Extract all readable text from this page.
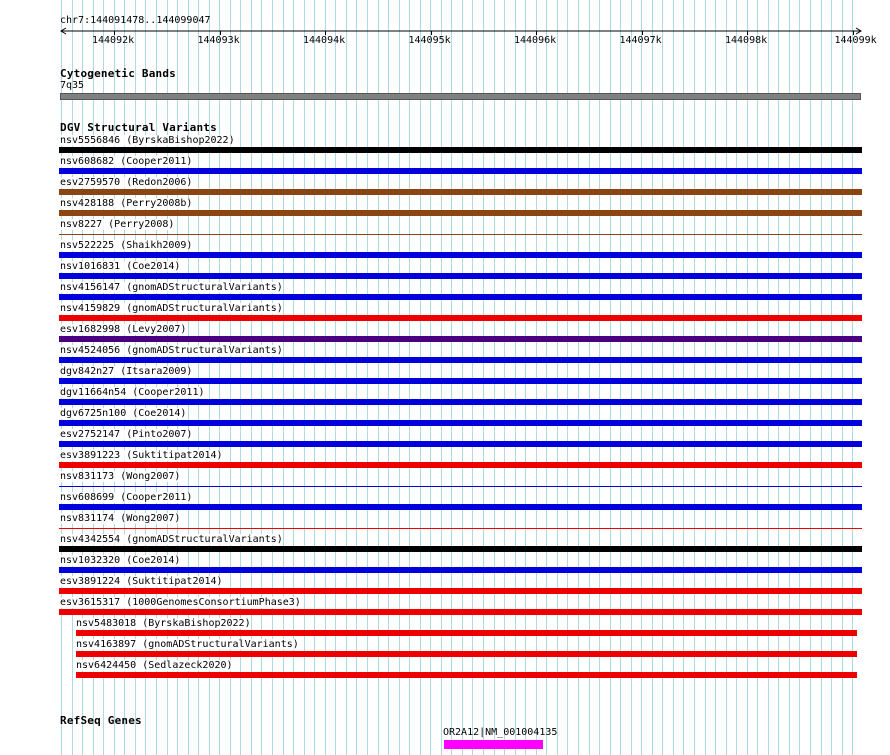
chr7:144091478..144099047
144092k	144093k	144094k	144095k	144096k	144097k	144098k	144099k
Cytogenetic Bands
7q35
DGV Structural Variants
nsv5556846 (ByrskaBishop2022)
nsv608682 (Cooper2011)
esv2759570 (Redon2006)
nsv428188 (Perry2008b)
nsv8227 (Perry2008)
nsv522225 (Shaikh2009)
nsv1016831 (Coe2014)
nsv4156147 (gnomADStructuralVariants)
nsv4159829 (gnomADStructuralVariants)
esv1682998 (Levy2007)
nsv4524056 (gnomADStructuralVariants)
dgv842n27 (Itsara2009)
dgv11664n54 (Cooper2011)
dgv6725n100 (Coe2014)
esv2752147 (Pinto2007)
esv3891223 (Suktitipat2014)
nsv831173 (Wong2007)
nsv608699 (Cooper2011)
nsv831174 (Wong2007)
nsv4342554 (gnomADStructuralVariants)
nsv1032320 (Coe2014)
esv3891224 (Suktitipat2014)
esv3615317 (1000GenomesConsortiumPhase3)
nsv5483018 (ByrskaBishop2022)
nsv4163897 (gnomADStructuralVariants)
nsv6424450 (Sedlazeck2020)
RefSeq Genes
OR2A12|NM_001004135
